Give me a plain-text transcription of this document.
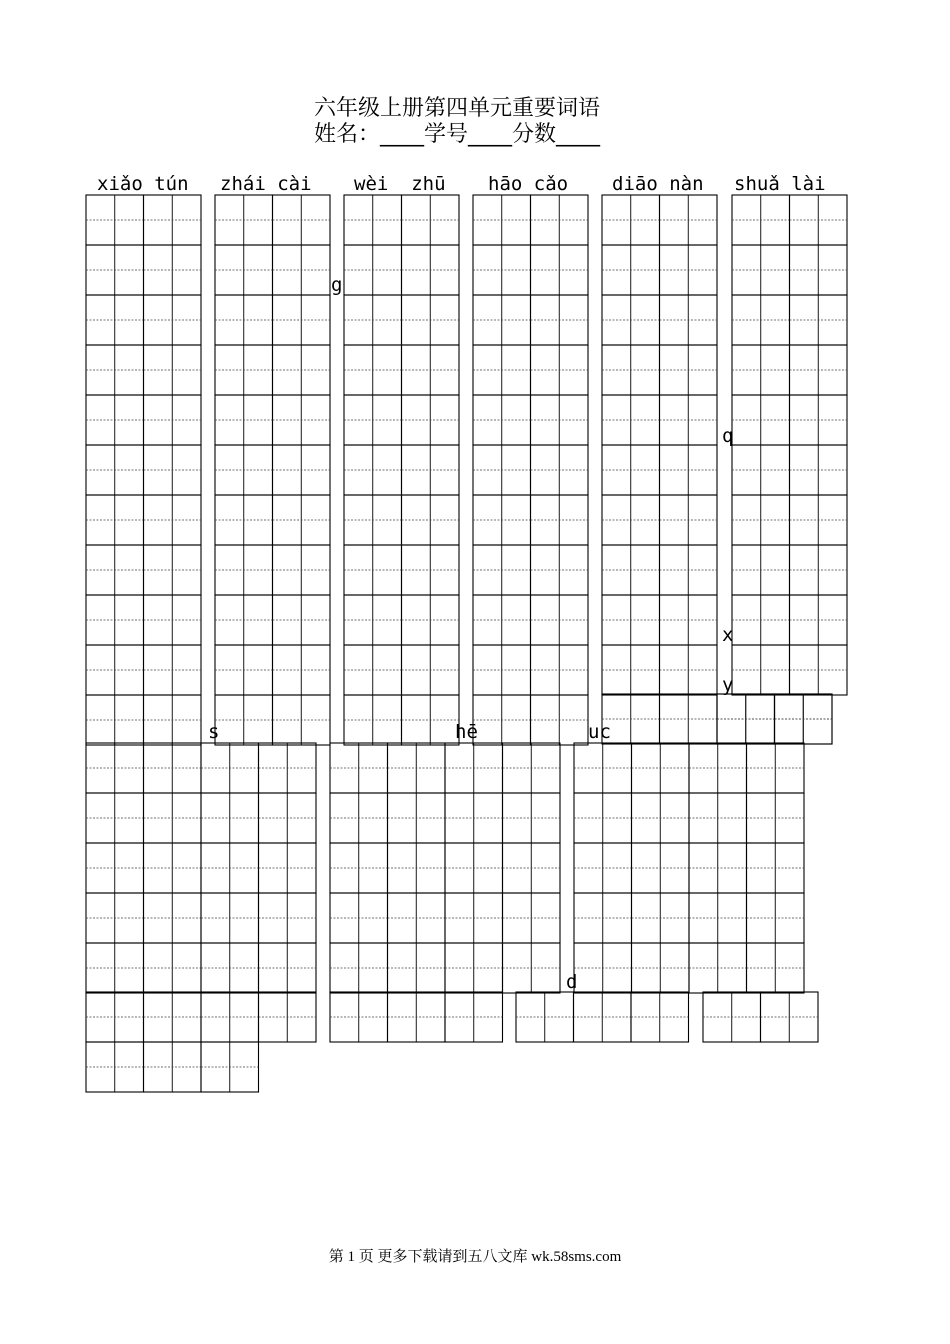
六年级上册第四单元重要词语
姓名：____学号____分数____
xiǎo tún zhái cài wèi  zhū hāo cǎo diāo nàn shuǎ lài
g
q
x
y
s	hē	uc
d
第 1 页 更多下载请到五八文库 wk.58sms.com
